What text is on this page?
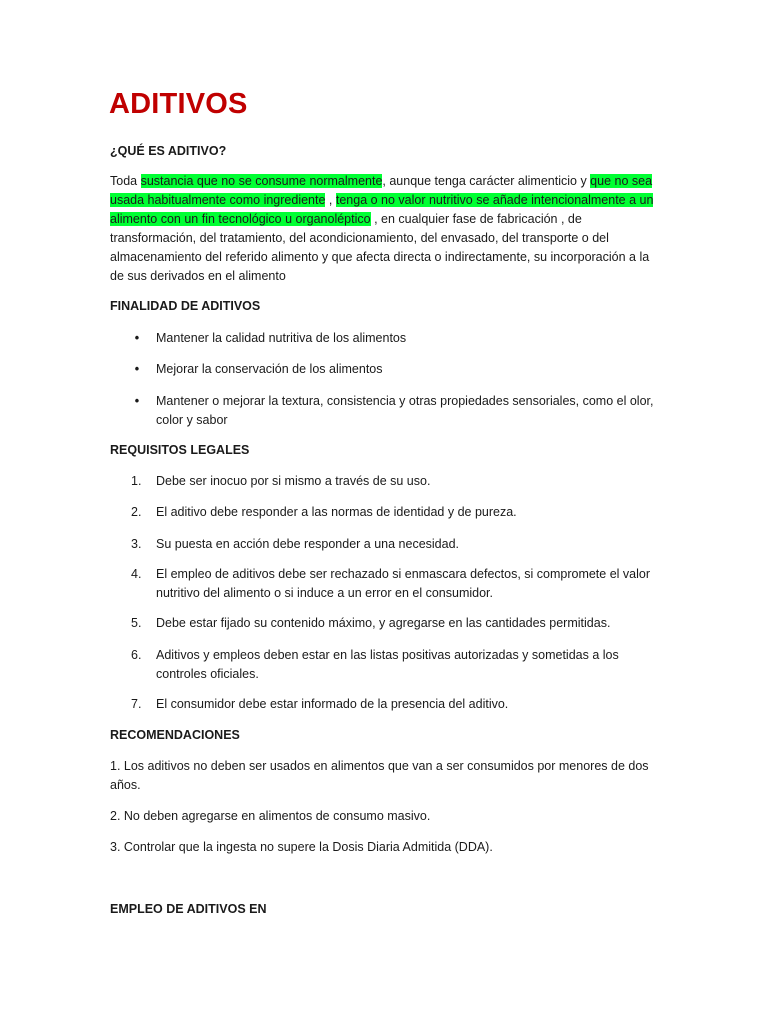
ADITIVOS
¿QUÉ ES ADITIVO?
Toda sustancia que no se consume normalmente, aunque tenga carácter alimenticio y que no sea usada habitualmente como ingrediente , tenga o no valor nutritivo se añade intencionalmente a un alimento con un fin tecnológico u organoléptico , en cualquier fase de fabricación , de transformación, del tratamiento, del acondicionamiento, del envasado, del transporte o del almacenamiento del referido alimento y que afecta directa o indirectamente, su incorporación a la de sus derivados en el alimento
FINALIDAD DE ADITIVOS
• Mantener la calidad nutritiva de los alimentos
• Mejorar la conservación de los alimentos
• Mantener o mejorar la textura, consistencia y otras propiedades sensoriales, como el olor, color y sabor
REQUISITOS LEGALES
1.	Debe ser inocuo por si mismo a través de su uso.
2.	El aditivo debe responder a las normas de identidad y de pureza.
3.	Su puesta en acción debe responder a una necesidad.
4.	El empleo de aditivos debe ser rechazado si enmascara defectos, si compromete el valor nutritivo del alimento o si induce a un error en el consumidor.
5.	Debe estar fijado su contenido máximo, y agregarse en las cantidades permitidas.
6.	Aditivos y empleos deben estar en las listas positivas autorizadas y sometidas a los controles oficiales.
7.	El consumidor debe estar informado de la presencia del aditivo.
RECOMENDACIONES
1. Los aditivos no deben ser usados en alimentos que van a ser consumidos por menores de dos años.
2. No deben agregarse en alimentos de consumo masivo.
3. Controlar que la ingesta no supere la Dosis Diaria Admitida (DDA).
EMPLEO DE ADITIVOS EN
